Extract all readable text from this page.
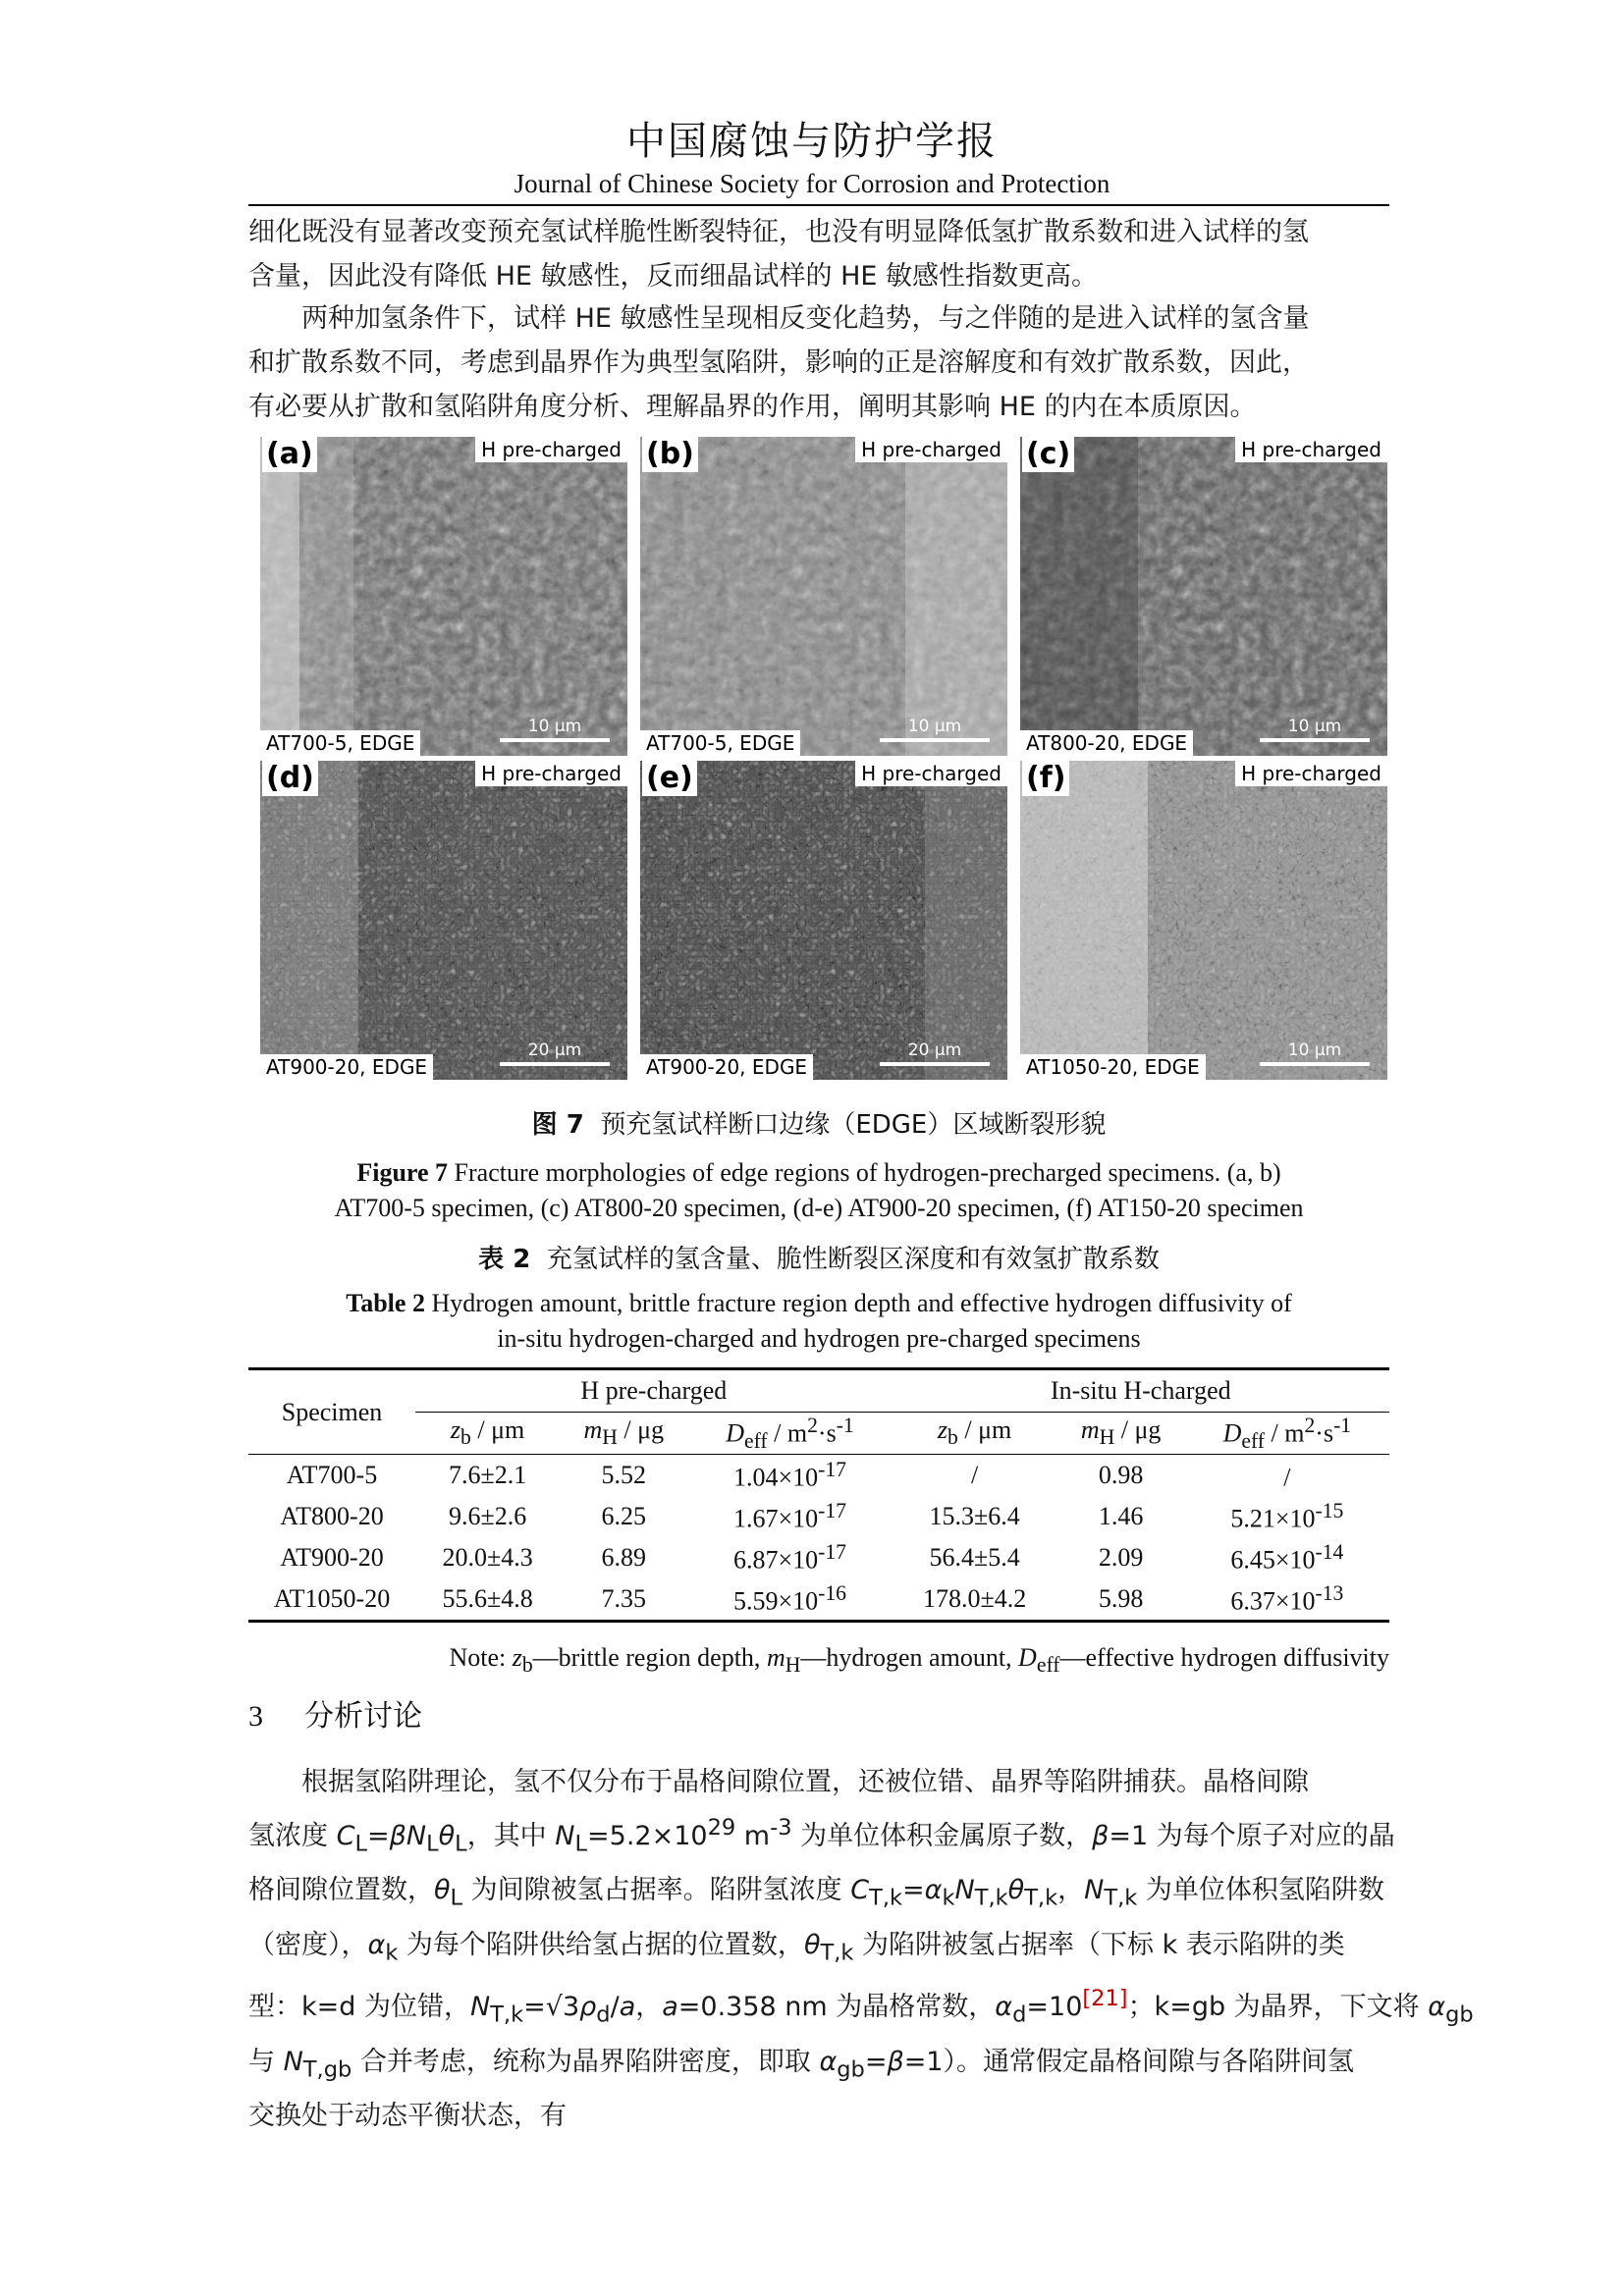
中国腐蚀与防护学报
Journal of Chinese Society for Corrosion and Protection
细化既没有显著改变预充氢试样脆性断裂特征，也没有明显降低氢扩散系数和进入试样的氢
含量，因此没有降低 HE 敏感性，反而细晶试样的 HE 敏感性指数更高。
　　两种加氢条件下，试样 HE 敏感性呈现相反变化趋势，与之伴随的是进入试样的氢含量
和扩散系数不同，考虑到晶界作为典型氢陷阱，影响的正是溶解度和有效扩散系数，因此，
有必要从扩散和氢陷阱角度分析、理解晶界的作用，阐明其影响 HE 的内在本质原因。
(a)	H pre-charged
AT700-5, EDGE
10 μm
(b)	H pre-charged
AT700-5, EDGE
10 μm
(c)	H pre-charged
AT800-20, EDGE
10 μm
(d)	H pre-charged
AT900-20, EDGE
20 μm
(e)	H pre-charged
AT900-20, EDGE
20 μm
(f)	H pre-charged
AT1050-20, EDGE
10 μm
图 7 预充氢试样断口边缘（EDGE）区域断裂形貌
Figure 7 Fracture morphologies of edge regions of hydrogen-precharged specimens. (a, b)
AT700-5 specimen, (c) AT800-20 specimen, (d-e) AT900-20 specimen, (f) AT150-20 specimen
表 2 充氢试样的氢含量、脆性断裂区深度和有效氢扩散系数
Table 2 Hydrogen amount, brittle fracture region depth and effective hydrogen diffusivity of
in-situ hydrogen-charged and hydrogen pre-charged specimens
Specimen	H pre-charged			In-situ H-charged		
	$z_b$ / μm	$m_H$ / μg	$D_{eff} / m^2\cdot s^{-1}$	$z_b$ / μm	$m_H$ / μg	$D_{eff} / m^2\cdot s^{-1}$
AT700-5	7.6±2.1	5.52	$1.04\times 10^{-17}$	/	0.98	/
AT800-20	9.6±2.6	6.25	$1.67\times 10^{-17}$	15.3±6.4	1.46	$5.21\times 10^{-15}$
AT900-20	20.0±4.3	6.89	$6.87\times 10^{-17}$	56.4±5.4	2.09	$6.45\times 10^{-14}$
AT1050-20	55.6±4.8	7.35	$5.59\times 10^{-16}$	178.0±4.2	5.98	$6.37\times 10^{-13}$
Note: $z_b—brittle$ region depth, $m_H—hydrogen$ amount, $D_{eff}—effective$ hydrogen diffusivity
3 分析讨论
　　根据氢陷阱理论，氢不仅分布于晶格间隙位置，还被位错、晶界等陷阱捕获。晶格间隙
氢浓度 $C_L=\beta N_L\theta_L$，其中 $N_L=5.2\times 10^{29}$ $m^{-3}$ 为单位体积金属原子数，β=1 为每个原子对应的晶
格间隙位置数，$\theta_L$ 为间隙被氢占据率。陷阱氢浓度 $C_{T,k}=\alpha_kN_{T,k}\theta_{T,k}$，$N_{T,k}$ 为单位体积氢陷阱数
（密度），$\alpha_k$ 为每个陷阱供给氢占据的位置数，$\theta_{T,k}$ 为陷阱被氢占据率（下标 k 表示陷阱的类
型：k=d 为位错，$N_{T,k}=√3\rho_d/a$，a=0.358 nm 为晶格常数，$\alpha_d=10[21]$；k=gb 为晶界，下文将 $\alpha_{gb}$
与 $N_{T,gb}$ 合并考虑，统称为晶界陷阱密度，即取 $\alpha_{gb}=\beta=1$）。通常假定晶格间隙与各陷阱间氢
交换处于动态平衡状态，有
